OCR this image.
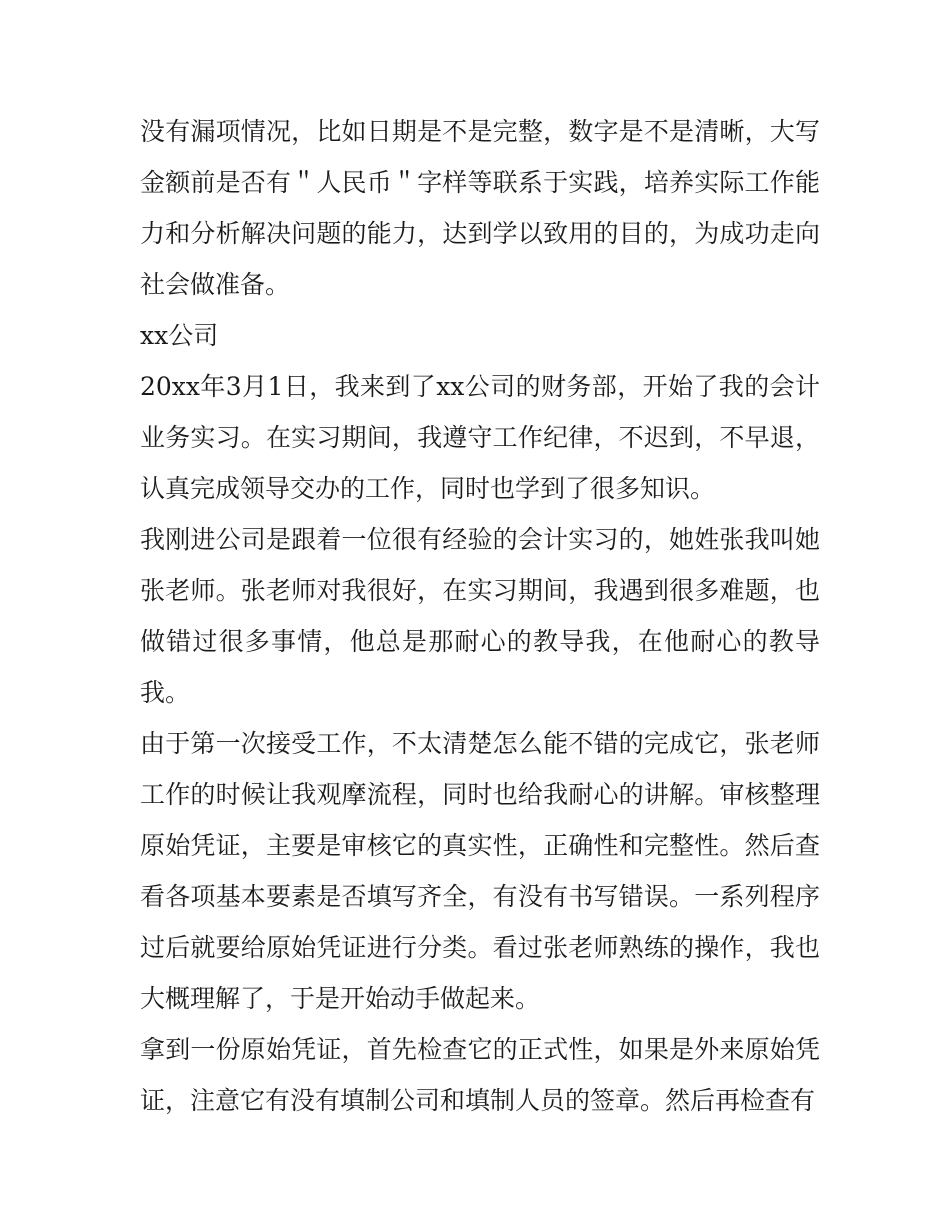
没有漏项情况，比如日期是不是完整，数字是不是清晰，大写金额前是否有＂人民币＂字样等联系于实践，培养实际工作能力和分析解决问题的能力，达到学以致用的目的，为成功走向社会做准备。

xx公司

20xx年3月1日，我来到了xx公司的财务部，开始了我的会计业务实习。在实习期间，我遵守工作纪律，不迟到，不早退，认真完成领导交办的工作，同时也学到了很多知识。

我刚进公司是跟着一位很有经验的会计实习的，她姓张我叫她张老师。张老师对我很好，在实习期间，我遇到很多难题，也做错过很多事情，他总是那耐心的教导我，在他耐心的教导我。

由于第一次接受工作，不太清楚怎么能不错的完成它，张老师工作的时候让我观摩流程，同时也给我耐心的讲解。审核整理原始凭证，主要是审核它的真实性，正确性和完整性。然后查看各项基本要素是否填写齐全，有没有书写错误。一系列程序过后就要给原始凭证进行分类。看过张老师熟练的操作，我也大概理解了，于是开始动手做起来。

拿到一份原始凭证，首先检查它的正式性，如果是外来原始凭证，注意它有没有填制公司和填制人员的签章。然后再检查有
